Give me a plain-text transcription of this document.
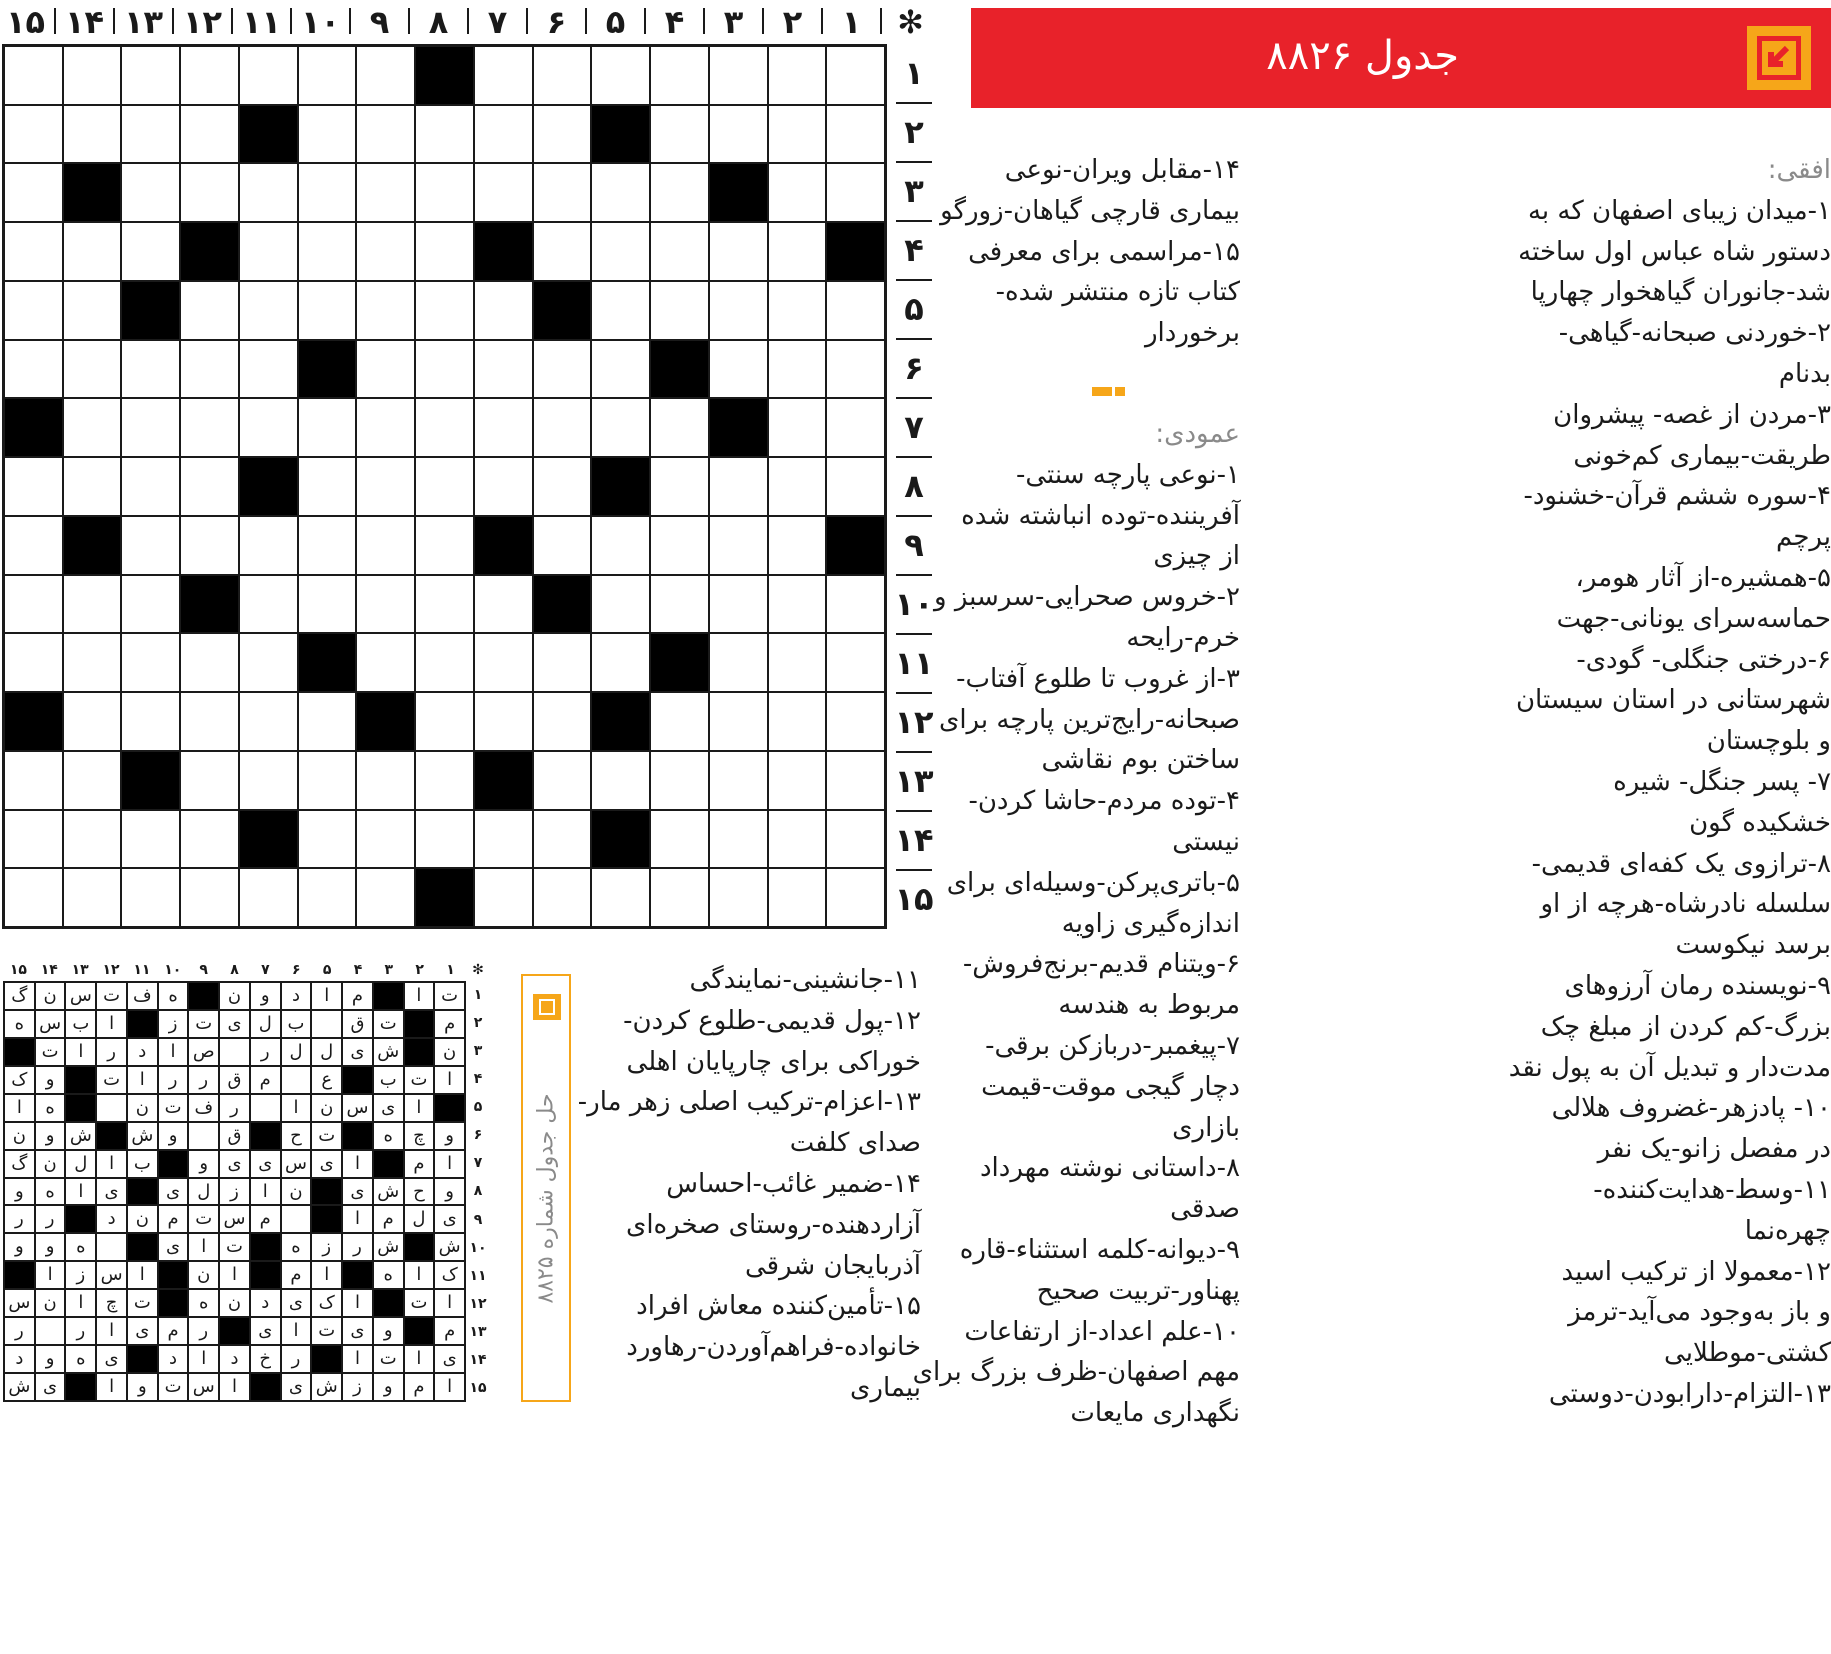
✻
۱
۲
۳
۴
۵
۶
۷
۸
۹
۱۰
۱۱
۱۲
۱۳
۱۴
۱۵
۱
۲
۳
۴
۵
۶
۷
۸
۹
۱۰
۱۱
۱۲
۱۳
۱۴
۱۵
جدول ۸۸۲۶
افقی:
۱-میدان زیبای اصفهان که به
دستور شاه عباس اول ساخته
شد-جانوران گیاهخوار چهارپا
۲-خوردنی صبحانه-گیاهی-
بدنام
۳-مردن از غصه- پیشروان
طریقت-بیماری کم‌خونی
۴-سوره ششم قرآن-خشنود-
پرچم
۵-همشیره-از آثار هومر،
حماسه‌سرای یونانی-جهت
۶-درختی جنگلی- گودی-
شهرستانی در استان سیستان
و بلوچستان
۷- پسر جنگل- شیره
خشکیده گون
۸-ترازوی یک کفه‌ای قدیمی-
سلسله نادرشاه-هرچه از او
برسد نیکوست
۹-نویسنده رمان آرزوهای
بزرگ-کم کردن از مبلغ چک
مدت‌دار و تبدیل آن به پول نقد
۱۰- پادزهر-غضروف هلالی
در مفصل زانو-یک نفر
۱۱-وسط-هدایت‌کننده-
چهره‌نما
۱۲-معمولا از ترکیب اسید
و باز به‌وجود می‌آید-ترمز
کشتی-موطلایی
۱۳-التزام-دارابودن-دوستی
۱۴-مقابل ویران-نوعی
بیماری قارچی گیاهان-زورگو
۱۵-مراسمی برای معرفی
کتاب تازه منتشر شده-
برخوردار
عمودی:
۱-نوعی پارچه سنتی-
آفریننده-توده انباشته شده
از چیزی
۲-خروس صحرایی-سرسبز و
خرم-رایحه
۳-از غروب تا طلوع آفتاب-
صبحانه-رایج‌ترین پارچه برای
ساختن بوم نقاشی
۴-توده مردم-حاشا کردن-
نیستی
۵-باتری‌پرکن-وسیله‌ای برای
اندازه‌گیری زاویه
۶-ویتنام قدیم-برنج‌فروش-
مربوط به هندسه
۷-پیغمبر-دربازکن برقی-
دچار گیجی موقت-قیمت
بازاری
۸-داستانی نوشته مهرداد
صدقی
۹-دیوانه-کلمه استثناء-قاره
پهناور-تربیت صحیح
۱۰-علم اعداد-از ارتفاعات
مهم اصفهان-ظرف بزرگ برای
نگهداری مایعات
۱۱-جانشینی-نمایندگی
۱۲-پول قدیمی-طلوع کردن-
خوراکی برای چارپایان اهلی
۱۳-اعزام-ترکیب اصلی زهر مار-
صدای کلفت
۱۴-ضمیر غائب-احساس
آزاردهنده-روستای صخره‌ای
آذربایجان شرقی
۱۵-تأمین‌کننده معاش افراد
خانواده-فراهم‌آوردن-رهاورد
بیماری
حل جدول شماره ۸۸۲۵
✻
۱
۲
۳
۴
۵
۶
۷
۸
۹
۱۰
۱۱
۱۲
۱۳
۱۴
۱۵
ت
ا
م
ا
د
و
ن
ه
ف
ت
س
ن
گ
م
ت
ق
ب
ل
ی
ت
ز
ا
ب
س
ه
ن
ش
ی
ل
ل
ر
ص
ا
د
ر
ا
ت
ا
ت
ب
ع
م
ق
ر
ر
ا
ت
و
ک
ا
ی
س
ن
ا
ر
ف
ت
ن
ه
ا
و
چ
ه
ت
ح
ق
و
ش
ش
و
ن
ا
م
ا
ی
س
ی
ی
و
ب
ا
ل
ن
گ
و
ح
ش
ی
ن
ا
ز
ل
ی
ی
ا
ه
و
ی
ل
م
ا
م
س
ت
م
ن
د
ر
ر
ش
ش
ر
ز
ه
ت
ا
ی
ه
و
و
ک
ا
ه
ا
م
ا
ن
ا
س
ز
ا
ا
ت
ا
ک
ی
د
ن
ه
ت
چ
ا
ن
س
م
و
ی
ت
ا
ی
ر
م
ی
ا
ر
ر
ی
ا
ت
ا
ر
خ
د
ا
د
ی
ه
و
د
ا
م
و
ز
ش
ی
ا
س
ت
و
ا
ی
ش
۱
۲
۳
۴
۵
۶
۷
۸
۹
۱۰
۱۱
۱۲
۱۳
۱۴
۱۵
